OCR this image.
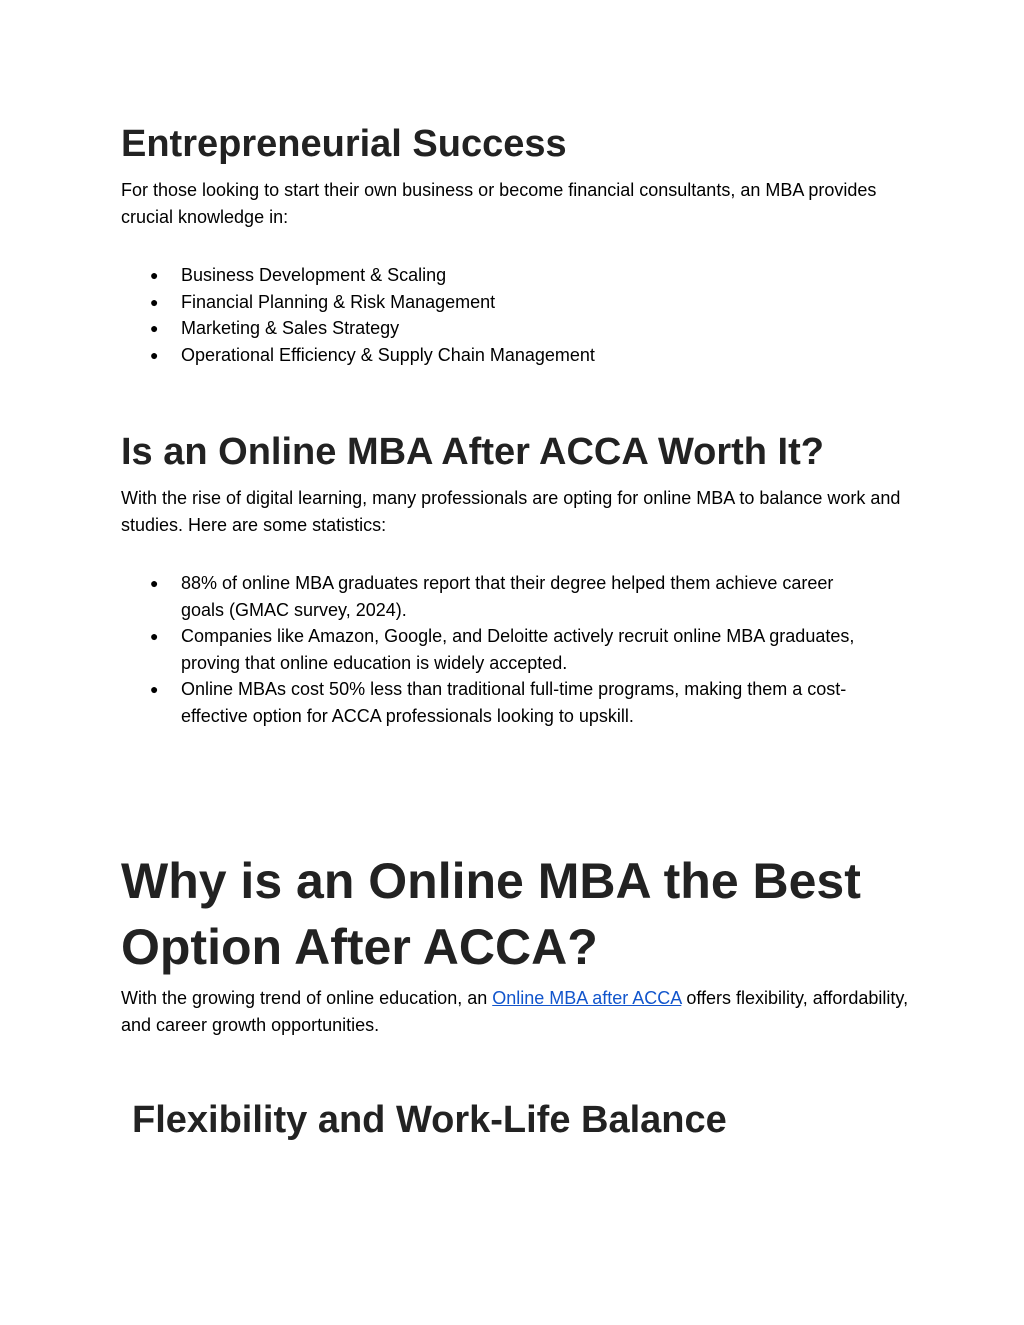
Entrepreneurial Success

For those looking to start their own business or become financial consultants, an MBA provides crucial knowledge in:

● Business Development & Scaling
● Financial Planning & Risk Management
● Marketing & Sales Strategy
● Operational Efficiency & Supply Chain Management
Is an Online MBA After ACCA Worth It?

With the rise of digital learning, many professionals are opting for online MBA to balance work and studies. Here are some statistics:

● 88% of online MBA graduates report that their degree helped them achieve career goals (GMAC survey, 2024).
● Companies like Amazon, Google, and Deloitte actively recruit online MBA graduates, proving that online education is widely accepted.
● Online MBAs cost 50% less than traditional full-time programs, making them a cost-effective option for ACCA professionals looking to upskill.
Why is an Online MBA the Best Option After ACCA?

With the growing trend of online education, an Online MBA after ACCA offers flexibility, affordability, and career growth opportunities.

Flexibility and Work-Life Balance
